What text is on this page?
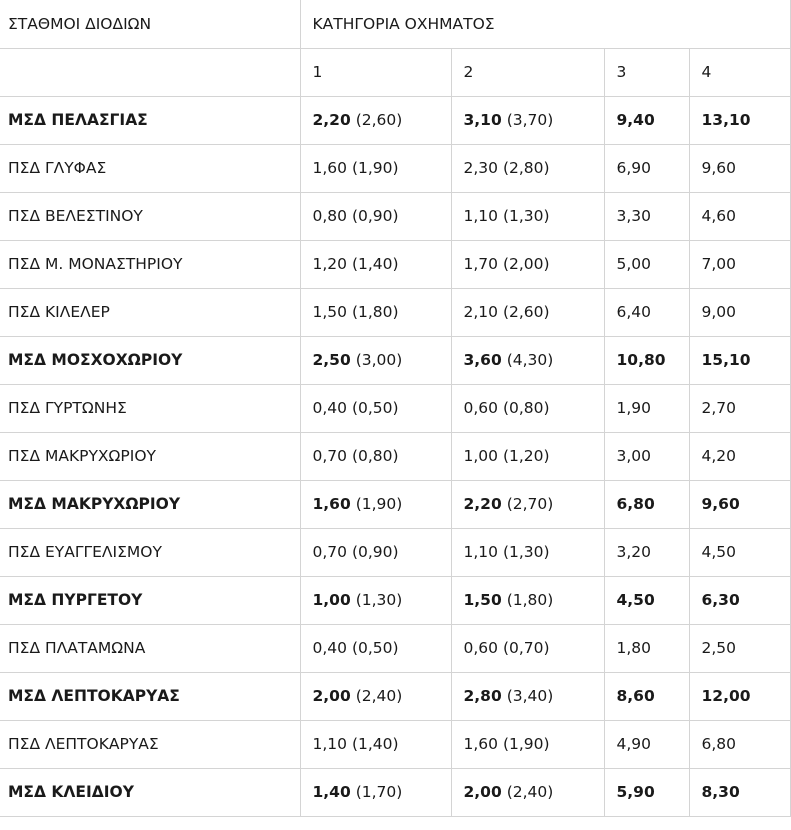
ΣΤΑΘΜΟΙ ΔΙΟΔΙΩΝ	ΚΑΤΗΓΟΡΙΑ ΟΧΗΜΑΤΟΣ			
	1	2	3	4
ΜΣΔ ΠΕΛΑΣΓΙΑΣ	2,20 (2,60)	3,10 (3,70)	9,40	13,10
ΠΣΔ ΓΛΥΦΑΣ	1,60 (1,90)	2,30 (2,80)	6,90	9,60
ΠΣΔ ΒΕΛΕΣΤΙΝΟΥ	0,80 (0,90)	1,10 (1,30)	3,30	4,60
ΠΣΔ Μ. ΜΟΝΑΣΤΗΡΙΟΥ	1,20 (1,40)	1,70 (2,00)	5,00	7,00
ΠΣΔ ΚΙΛΕΛΕΡ	1,50 (1,80)	2,10 (2,60)	6,40	9,00
ΜΣΔ ΜΟΣΧΟΧΩΡΙΟΥ	2,50 (3,00)	3,60 (4,30)	10,80	15,10
ΠΣΔ ΓΥΡΤΩΝΗΣ	0,40 (0,50)	0,60 (0,80)	1,90	2,70
ΠΣΔ ΜΑΚΡΥΧΩΡΙΟΥ	0,70 (0,80)	1,00 (1,20)	3,00	4,20
ΜΣΔ ΜΑΚΡΥΧΩΡΙΟΥ	1,60 (1,90)	2,20 (2,70)	6,80	9,60
ΠΣΔ ΕΥΑΓΓΕΛΙΣΜΟΥ	0,70 (0,90)	1,10 (1,30)	3,20	4,50
ΜΣΔ ΠΥΡΓΕΤΟΥ	1,00 (1,30)	1,50 (1,80)	4,50	6,30
ΠΣΔ ΠΛΑΤΑΜΩΝΑ	0,40 (0,50)	0,60 (0,70)	1,80	2,50
ΜΣΔ ΛΕΠΤΟΚΑΡΥΑΣ	2,00 (2,40)	2,80 (3,40)	8,60	12,00
ΠΣΔ ΛΕΠΤΟΚΑΡΥΑΣ	1,10 (1,40)	1,60 (1,90)	4,90	6,80
ΜΣΔ ΚΛΕΙΔΙΟΥ	1,40 (1,70)	2,00 (2,40)	5,90	8,30
